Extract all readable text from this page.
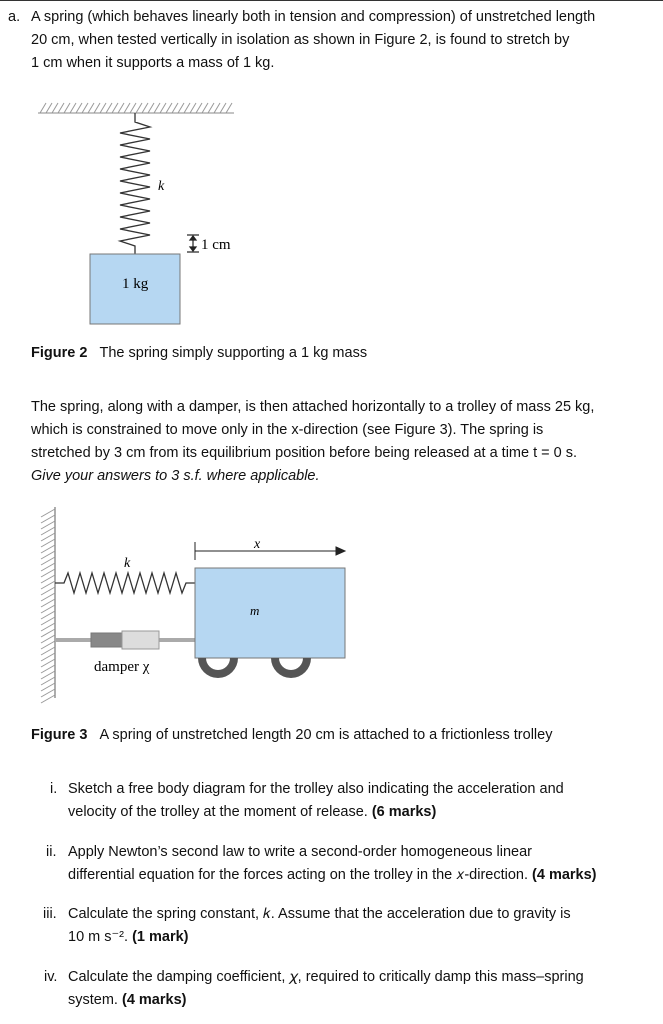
a. A spring (which behaves linearly both in tension and compression) of unstretched length
20 cm, when tested vertically in isolation as shown in Figure 2, is found to stretch by
1 cm when it supports a mass of 1 kg.
k
1 cm
1 kg
Figure 2 The spring simply supporting a 1 kg mass
The spring, along with a damper, is then attached horizontally to a trolley of mass 25 kg,
which is constrained to move only in the x-direction (see Figure 3). The spring is
stretched by 3 cm from its equilibrium position before being released at a time t = 0 s.
Give your answers to 3 s.f. where applicable.
x
k
damper χ
m
Figure 3 A spring of unstretched length 20 cm is attached to a frictionless trolley
i. Sketch a free body diagram for the trolley also indicating the acceleration and
velocity of the trolley at the moment of release. (6 marks)
ii. Apply Newton’s second law to write a second-order homogeneous linear
differential equation for the forces acting on the trolley in the 𝑥-direction. (4 marks)
iii. Calculate the spring constant, 𝑘. Assume that the acceleration due to gravity is
10 m s⁻². (1 mark)
iv. Calculate the damping coefficient, 𝜒, required to critically damp this mass–spring
system. (4 marks)
